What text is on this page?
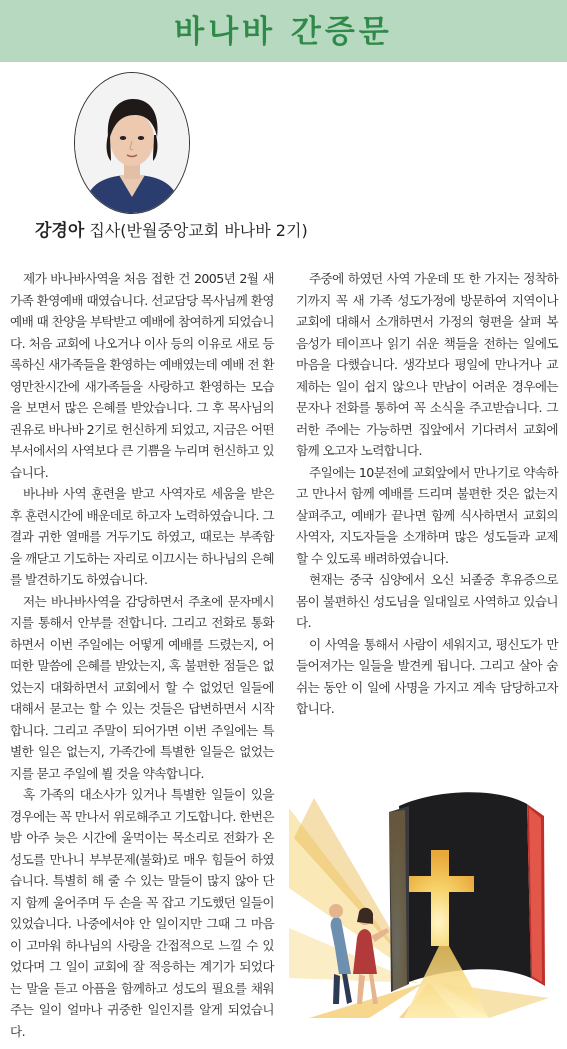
바나바 간증문
강경아 집사(반월중앙교회 바나바 2기)

제가 바나바사역을 처음 접한 건 2005년 2월 새가족 환영예배 때였습니다. 선교담당 목사님께 환영예배 때 찬양을 부탁받고 예배에 참여하게 되었습니다. 처음 교회에 나오거나 이사 등의 이유로 새로 등록하신 새가족들을 환영하는 예배였는데 예배 전 환영만찬시간에 새가족들을 사랑하고 환영하는 모습을 보면서 많은 은혜를 받았습니다. 그 후 목사님의 권유로 바나바 2기로 헌신하게 되었고, 지금은 어떤 부서에서의 사역보다 큰 기쁨을 누리며 헌신하고 있습니다.

바나바 사역 훈련을 받고 사역자로 세움을 받은 후 훈련시간에 배운데로 하고자 노력하였습니다. 그 결과 귀한 열매를 거두기도 하였고, 때로는 부족함을 깨닫고 기도하는 자리로 이끄시는 하나님의 은혜를 발견하기도 하였습니다.

저는 바나바사역을 감당하면서 주초에 문자메시지를 통해서 안부를 전합니다. 그리고 전화로 통화하면서 이번 주일에는 어떻게 예배를 드렸는지, 어떠한 말씀에 은혜를 받았는지, 혹 불편한 점들은 없었는지 대화하면서 교회에서 할 수 없었던 일들에 대해서 묻고는 할 수 있는 것들은 답변하면서 시작합니다. 그리고 주말이 되어가면 이번 주일에는 특별한 일은 없는지, 가족간에 특별한 일들은 없었는지를 묻고 주일에 뵐 것을 약속합니다.

혹 가족의 대소사가 있거나 특별한 일들이 있을 경우에는 꼭 만나서 위로해주고 기도합니다. 한번은 밤 아주 늦은 시간에 울먹이는 목소리로 전화가 온 성도를 만나니 부부문제(불화)로 매우 힘들어 하였습니다. 특별히 해 줄 수 있는 말들이 많지 않아 단지 함께 울어주며 두 손을 꼭 잡고 기도했던 일들이 있었습니다. 나중에서야 안 일이지만 그때 그 마음이 고마워 하나님의 사랑을 간접적으로 느낄 수 있었다며 그 일이 교회에 잘 적응하는 계기가 되었다는 말을 듣고 아픔을 함께하고 성도의 필요를 채워주는 일이 얼마나 귀중한 일인지를 알게 되었습니다.

주중에 하였던 사역 가운데 또 한 가지는 정착하기까지 꼭 새 가족 성도가정에 방문하여 지역이나 교회에 대해서 소개하면서 가정의 형편을 살펴 복음성가 테이프나 읽기 쉬운 책들을 전하는 일에도 마음을 다했습니다. 생각보다 평일에 만나거나 교제하는 일이 쉽지 않으나 만남이 어려운 경우에는 문자나 전화를 통하여 꼭 소식을 주고받습니다. 그러한 주에는 가능하면 집앞에서 기다려서 교회에 함께 오고자 노력합니다.

주일에는 10분전에 교회앞에서 만나기로 약속하고 만나서 함께 예배를 드리며 불편한 것은 없는지 살펴주고, 예배가 끝나면 함께 식사하면서 교회의 사역자, 지도자들을 소개하며 많은 성도들과 교제할 수 있도록 배려하였습니다.

현재는 중국 심양에서 오신 뇌졸중 후유증으로 몸이 불편하신 성도님을 일대일로 사역하고 있습니다.

이 사역을 통해서 사람이 세워지고, 평신도가 만들어져가는 일들을 발견케 됩니다. 그리고 살아 숨쉬는 동안 이 일에 사명을 가지고 계속 담당하고자 합니다.
